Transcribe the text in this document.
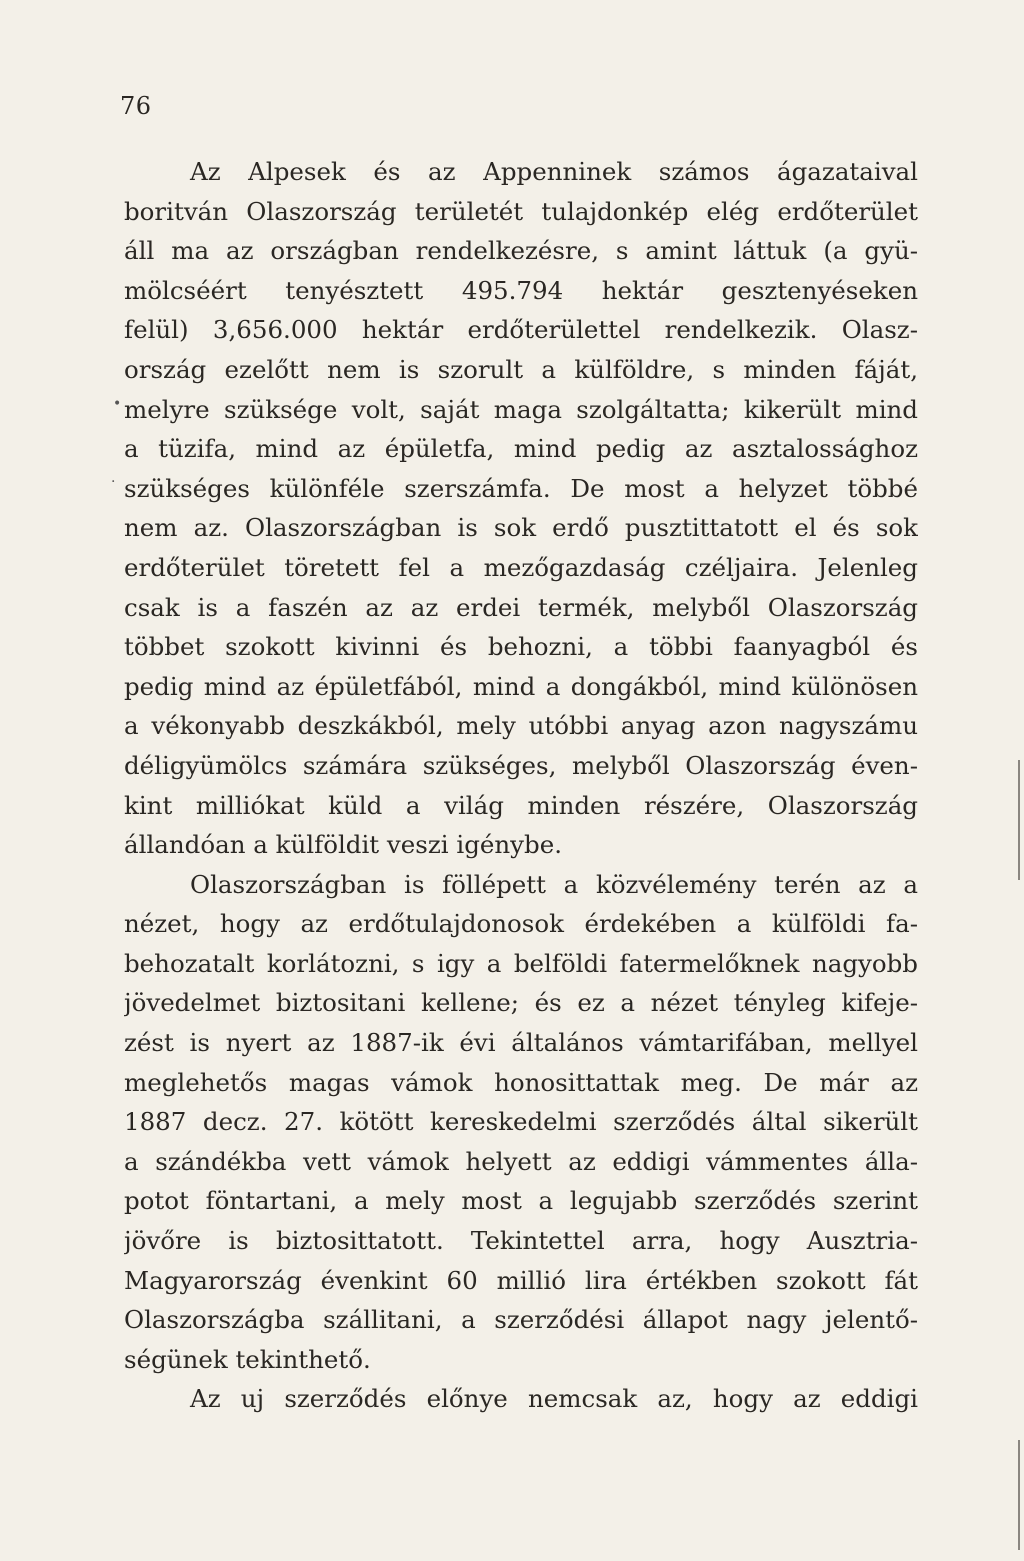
76
•
·
Az Alpesek és az Appenninek számos ágazataival
boritván Olaszország területét tulajdonkép elég erdőterület
áll ma az országban rendelkezésre, s amint láttuk (a gyü-
mölcséért tenyésztett 495.794 hektár gesztenyéseken
felül) 3,656.000 hektár erdőterülettel rendelkezik. Olasz-
ország ezelőtt nem is szorult a külföldre, s minden fáját,
melyre szüksége volt, saját maga szolgáltatta; kikerült mind
a tüzifa, mind az épületfa, mind pedig az asztalossághoz
szükséges különféle szerszámfa. De most a helyzet többé
nem az. Olaszországban is sok erdő pusztittatott el és sok
erdőterület töretett fel a mezőgazdaság czéljaira. Jelenleg
csak is a faszén az az erdei termék, melyből Olaszország
többet szokott kivinni és behozni, a többi faanyagból és
pedig mind az épületfából, mind a dongákból, mind különösen
a vékonyabb deszkákból, mely utóbbi anyag azon nagyszámu
déligyümölcs számára szükséges, melyből Olaszország éven-
kint milliókat küld a világ minden részére, Olaszország
állandóan a külföldit veszi igénybe.
Olaszországban is föllépett a közvélemény terén az a
nézet, hogy az erdőtulajdonosok érdekében a külföldi fa-
behozatalt korlátozni, s igy a belföldi fatermelőknek nagyobb
jövedelmet biztositani kellene; és ez a nézet tényleg kifeje-
zést is nyert az 1887-ik évi általános vámtarifában, mellyel
meglehetős magas vámok honosittattak meg. De már az
1887 decz. 27. kötött kereskedelmi szerződés által sikerült
a szándékba vett vámok helyett az eddigi vámmentes álla-
potot föntartani, a mely most a legujabb szerződés szerint
jövőre is biztosittatott. Tekintettel arra, hogy Ausztria-
Magyarország évenkint 60 millió lira értékben szokott fát
Olaszországba szállitani, a szerződési állapot nagy jelentő-
ségünek tekinthető.
Az uj szerződés előnye nemcsak az, hogy az eddigi
